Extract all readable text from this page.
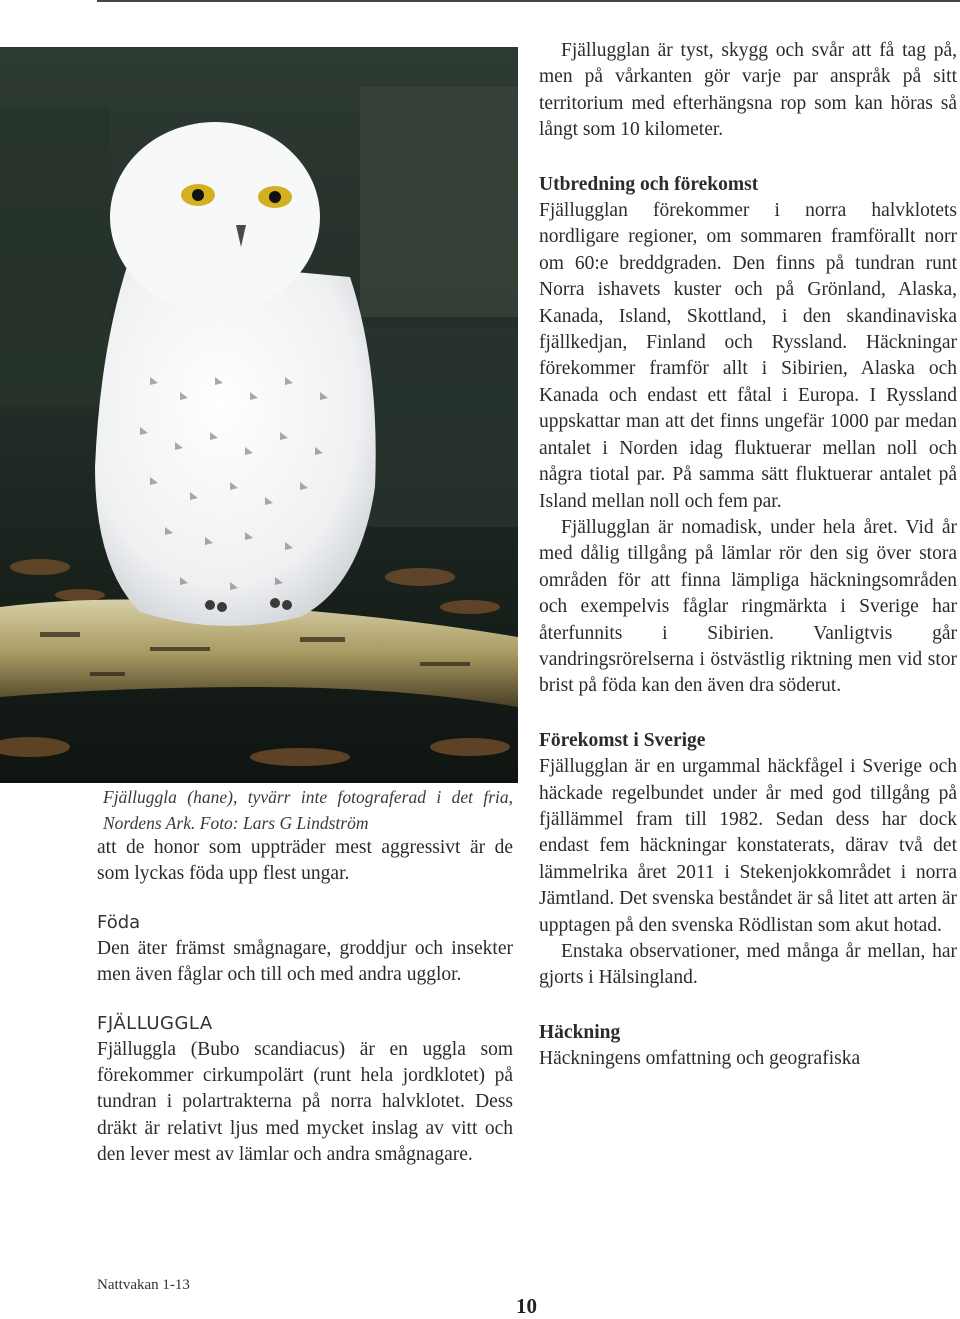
Fjälluggla (hane), tyvärr inte fotograferad i det fria, Nordens Ark. Foto: Lars G Lindström

att de honor som uppträder mest aggressivt är de som lyckas föda upp flest ungar.

Föda

Den äter främst smågnagare, groddjur och insekter men även fåglar och till och med andra ugglor.

FJÄLLUGGLA

Fjälluggla (Bubo scandiacus) är en uggla som förekommer cirkumpolärt (runt hela jordklotet) på tundran i polartrakterna på norra halvklotet. Dess dräkt är relativt ljus med mycket inslag av vitt och den lever mest av lämlar och andra smågnagare.

Fjällugglan är tyst, skygg och svår att få tag på, men på vårkanten gör varje par anspråk på sitt territorium med efterhängsna rop som kan höras så långt som 10 kilometer.

Utbredning och förekomst

Fjällugglan förekommer i norra halvklotets nordligare regioner, om sommaren framförallt norr om 60:e breddgraden. Den finns på tundran runt Norra ishavets kuster och på Grönland, Alaska, Kanada, Island, Skottland, i den skandinaviska fjällkedjan, Finland och Ryssland. Häckningar förekommer framför allt i Sibirien, Alaska och Kanada och endast ett fåtal i Europa. I Ryssland uppskattar man att det finns ungefär 1000 par medan antalet i Norden idag fluktuerar mellan noll och några tiotal par. På samma sätt fluktuerar antalet på Island mellan noll och fem par.

Fjällugglan är nomadisk, under hela året. Vid år med dålig tillgång på lämlar rör den sig över stora områden för att finna lämpliga häckningsområden och exempelvis fåglar ringmärkta i Sverige har återfunnits i Sibirien. Vanligtvis går vandringsrörelserna i östvästlig riktning men vid stor brist på föda kan den även dra söderut.

Förekomst i Sverige

Fjällugglan är en urgammal häckfågel i Sverige och häckade regelbundet under år med god tillgång på fjällämmel fram till 1982. Sedan dess har dock endast fem häckningar konstaterats, därav två det lämmelrika året 2011 i Stekenjokkområdet i norra Jämtland. Det svenska beståndet är så litet att arten är upptagen på den svenska Rödlistan som akut hotad.

Enstaka observationer, med många år mellan, har gjorts i Hälsingland.

Häckning

Häckningens omfattning och geografiska

Nattvakan 1-13
10
